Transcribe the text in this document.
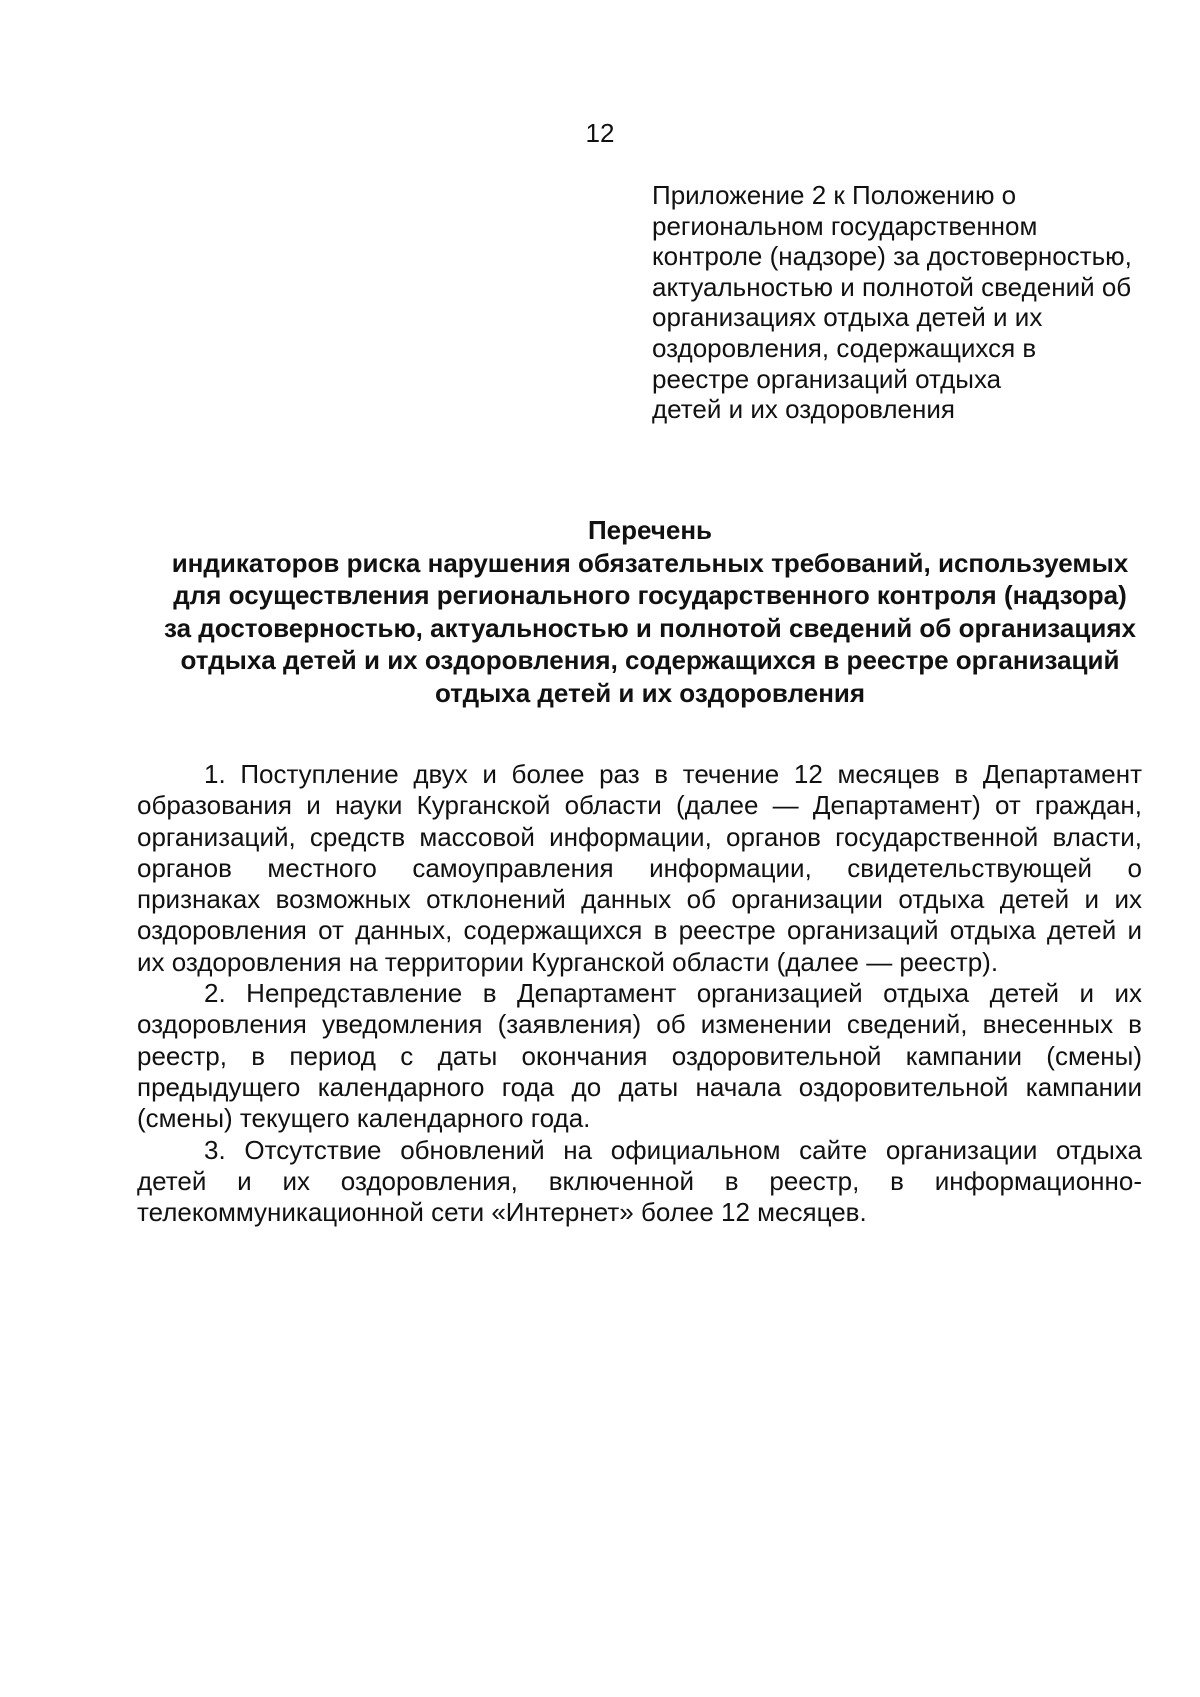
12
Приложение 2 к Положению о
региональном государственном
контроле (надзоре) за достоверностью,
актуальностью и полнотой сведений об
организациях отдыха детей и их
оздоровления, содержащихся в
реестре организаций отдыха
детей и их оздоровления
Перечень
индикаторов риска нарушения обязательных требований, используемых
для осуществления регионального государственного контроля (надзора)
за достоверностью, актуальностью и полнотой сведений об организациях
отдыха детей и их оздоровления, содержащихся в реестре организаций
отдыха детей и их оздоровления
1. Поступление двух и более раз в течение 12 месяцев в Департамент
образования и науки Курганской области (далее — Департамент) от граждан,
организаций, средств массовой информации, органов государственной власти,
органов местного самоуправления информации, свидетельствующей о
признаках возможных отклонений данных об организации отдыха детей и их
оздоровления от данных, содержащихся в реестре организаций отдыха детей и
их оздоровления на территории Курганской области (далее — реестр).
2. Непредставление в Департамент организацией отдыха детей и их
оздоровления уведомления (заявления) об изменении сведений, внесенных в
реестр, в период с даты окончания оздоровительной кампании (смены)
предыдущего календарного года до даты начала оздоровительной кампании
(смены) текущего календарного года.
3. Отсутствие обновлений на официальном сайте организации отдыха
детей и их оздоровления, включенной в реестр, в информационно-
телекоммуникационной сети «Интернет» более 12 месяцев.
